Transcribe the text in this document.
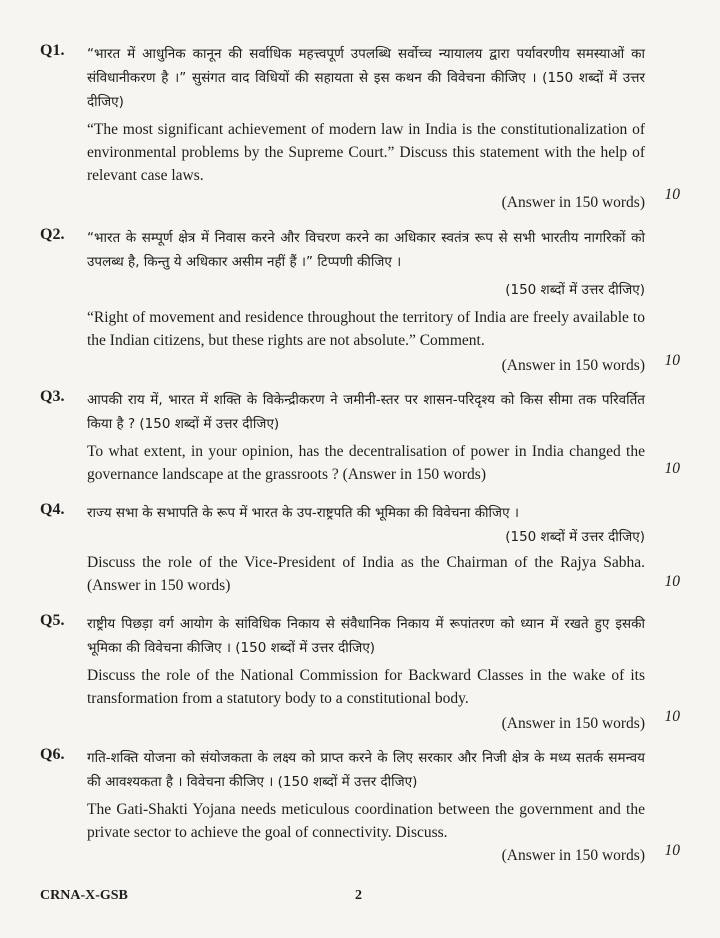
Q1. “भारत में आधुनिक कानून की सर्वाधिक महत्त्वपूर्ण उपलब्धि सर्वोच्च न्यायालय द्वारा पर्यावरणीय समस्याओं का संविधानीकरण है ।” सुसंगत वाद विधियों की सहायता से इस कथन की विवेचना कीजिए । (150 शब्दों में उत्तर दीजिए)

“The most significant achievement of modern law in India is the constitutionalization of environmental problems by the Supreme Court.” Discuss this statement with the help of relevant case laws.

(Answer in 150 words) 10
Q2. “भारत के सम्पूर्ण क्षेत्र में निवास करने और विचरण करने का अधिकार स्वतंत्र रूप से सभी भारतीय नागरिकों को उपलब्ध है, किन्तु ये अधिकार असीम नहीं हैं ।” टिप्पणी कीजिए ।

(150 शब्दों में उत्तर दीजिए)

“Right of movement and residence throughout the territory of India are freely available to the Indian citizens, but these rights are not absolute.” Comment.

(Answer in 150 words) 10
Q3. आपकी राय में, भारत में शक्ति के विकेन्द्रीकरण ने जमीनी-स्तर पर शासन-परिदृश्य को किस सीमा तक परिवर्तित किया है ? (150 शब्दों में उत्तर दीजिए)

To what extent, in your opinion, has the decentralisation of power in India changed the governance landscape at the grassroots ? (Answer in 150 words)	10
Q4. राज्य सभा के सभापति के रूप में भारत के उप-राष्ट्रपति की भूमिका की विवेचना कीजिए ।

(150 शब्दों में उत्तर दीजिए)

Discuss the role of the Vice-President of India as the Chairman of the Rajya Sabha. (Answer in 150 words)	10
Q5. राष्ट्रीय पिछड़ा वर्ग आयोग के सांविधिक निकाय से संवैधानिक निकाय में रूपांतरण को ध्यान में रखते हुए इसकी भूमिका की विवेचना कीजिए । (150 शब्दों में उत्तर दीजिए)

Discuss the role of the National Commission for Backward Classes in the wake of its transformation from a statutory body to a constitutional body.

(Answer in 150 words) 10
Q6. गति-शक्ति योजना को संयोजकता के लक्ष्य को प्राप्त करने के लिए सरकार और निजी क्षेत्र के मध्य सतर्क समन्वय की आवश्यकता है । विवेचना कीजिए । (150 शब्दों में उत्तर दीजिए)

The Gati-Shakti Yojana needs meticulous coordination between the government and the private sector to achieve the goal of connectivity. Discuss.

(Answer in 150 words) 10
CRNA-X-GSB	2
